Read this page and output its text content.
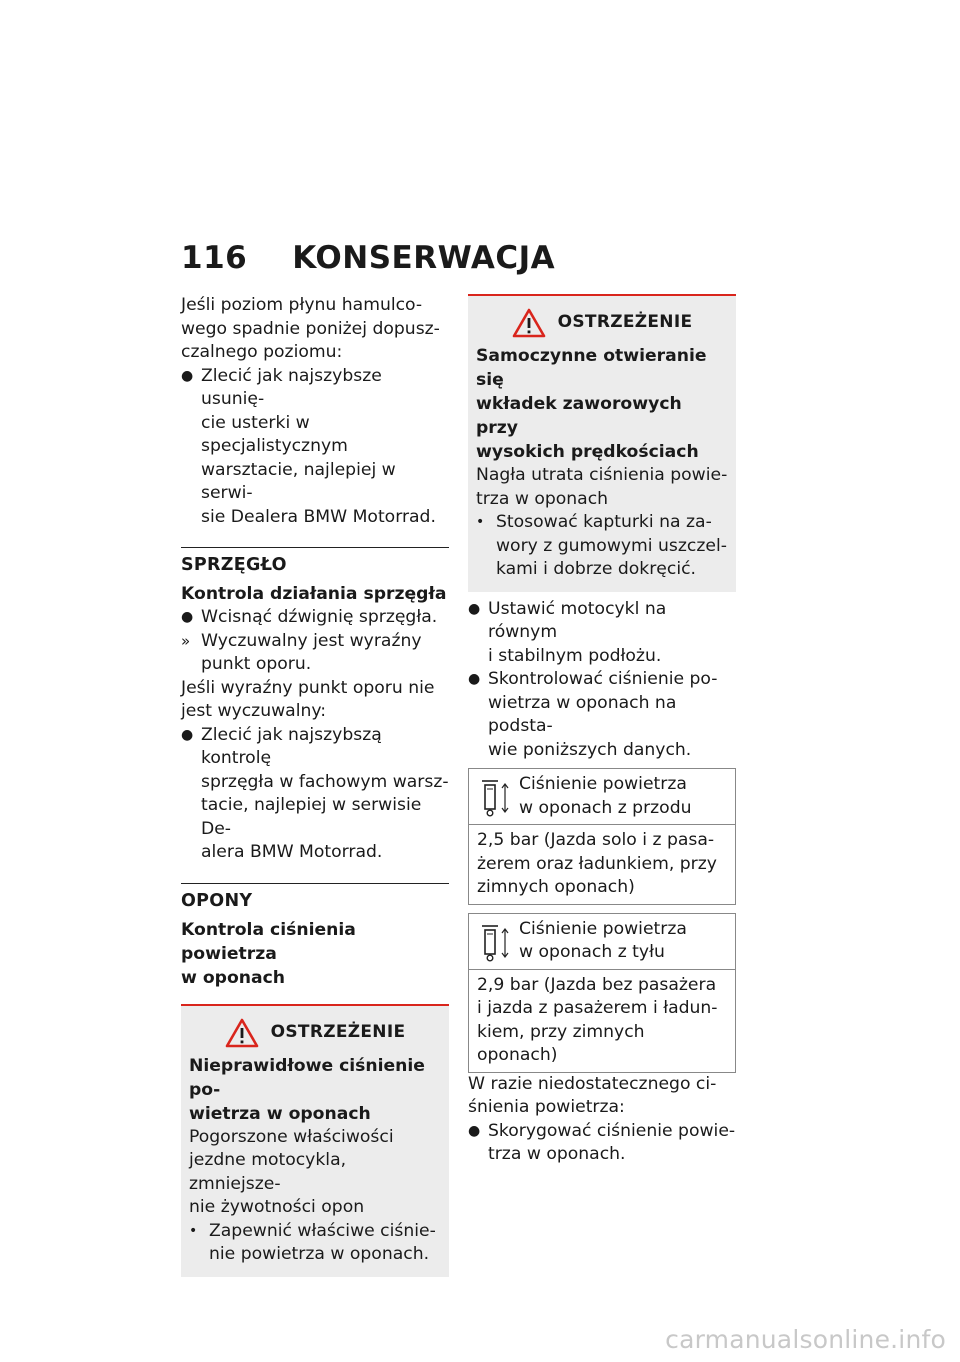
116 KONSERWACJA

Jeśli poziom płynu hamulco-
wego spadnie poniżej dopusz-
czalnego poziomu:

● Zlecić jak najszybsze usunię-
cie usterki w specjalistycznym
warsztacie, najlepiej w serwi-
sie Dealera BMW Motorrad.
SPRZĘGŁO
Kontrola działania sprzęgła
● Wcisnąć dźwignię sprzęgła.
» Wyczuwalny jest wyraźny
punkt oporu.

Jeśli wyraźny punkt oporu nie
jest wyczuwalny:

● Zlecić jak najszybszą kontrolę
sprzęgła w fachowym warsz-
tacie, najlepiej w serwisie De-
alera BMW Motorrad.
OPONY
Kontrola ciśnienia powietrza
w oponach
OSTRZEŻENIE
Nieprawidłowe ciśnienie po-
wietrza w oponach

Pogorszone właściwości
jezdne motocykla, zmniejsze-
nie żywotności opon

• Zapewnić właściwe ciśnie-
nie powietrza w oponach.
OSTRZEŻENIE
Samoczynne otwieranie się
wkładek zaworowych przy
wysokich prędkościach

Nagła utrata ciśnienia powie-
trza w oponach

• Stosować kapturki na za-
wory z gumowymi uszczel-
kami i dobrze dokręcić.
● Ustawić motocykl na równym
i stabilnym podłożu.
● Skontrolować ciśnienie po-
wietrza w oponach na podsta-
wie poniższych danych.
Ciśnienie powietrza
w oponach z przodu
2,5 bar (Jazda solo i z pasa-
żerem oraz ładunkiem, przy
zimnych oponach)
Ciśnienie powietrza
w oponach z tyłu
2,9 bar (Jazda bez pasażera
i jazda z pasażerem i ładun-
kiem, przy zimnych oponach)

W razie niedostatecznego ci-
śnienia powietrza:

● Skorygować ciśnienie powie-
trza w oponach.
carmanualsonline.info
